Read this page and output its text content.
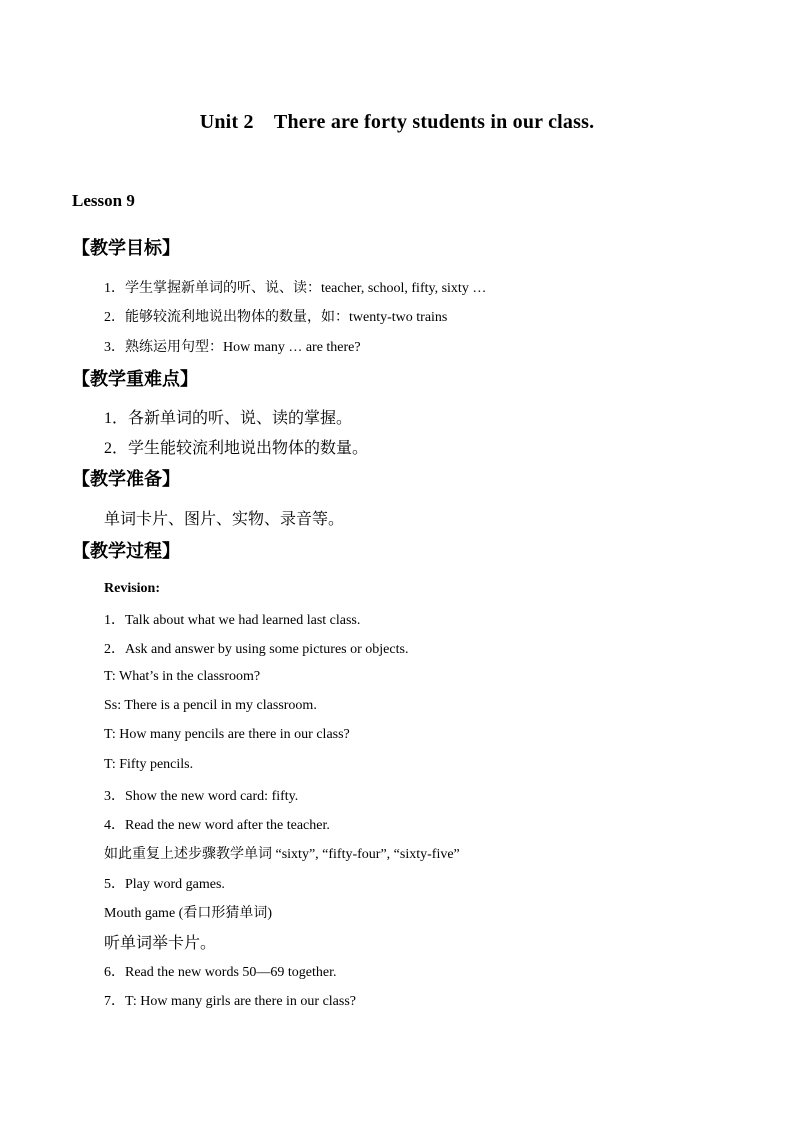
Unit 2　There are forty students in our class.
Lesson 9
【教学目标】
1．学生掌握新单词的听、说、读：teacher, school, fifty, sixty …
2．能够较流利地说出物体的数量，如：twenty-two trains
3．熟练运用句型：How many … are there?
【教学重难点】
1．各新单词的听、说、读的掌握。
2．学生能较流利地说出物体的数量。
【教学准备】
单词卡片、图片、实物、录音等。
【教学过程】
Revision:
1．Talk about what we had learned last class.
2．Ask and answer by using some pictures or objects.
T: What’s in the classroom?
Ss: There is a pencil in my classroom.
T: How many pencils are there in our class?
T: Fifty pencils.
3．Show the new word card: fifty.
4．Read the new word after the teacher.
如此重复上述步骤教学单词 “sixty”, “fifty-four”, “sixty-five”
5．Play word games.
Mouth game (看口形猜单词)
听单词举卡片。
6．Read the new words 50—69 together.
7．T: How many girls are there in our class?
